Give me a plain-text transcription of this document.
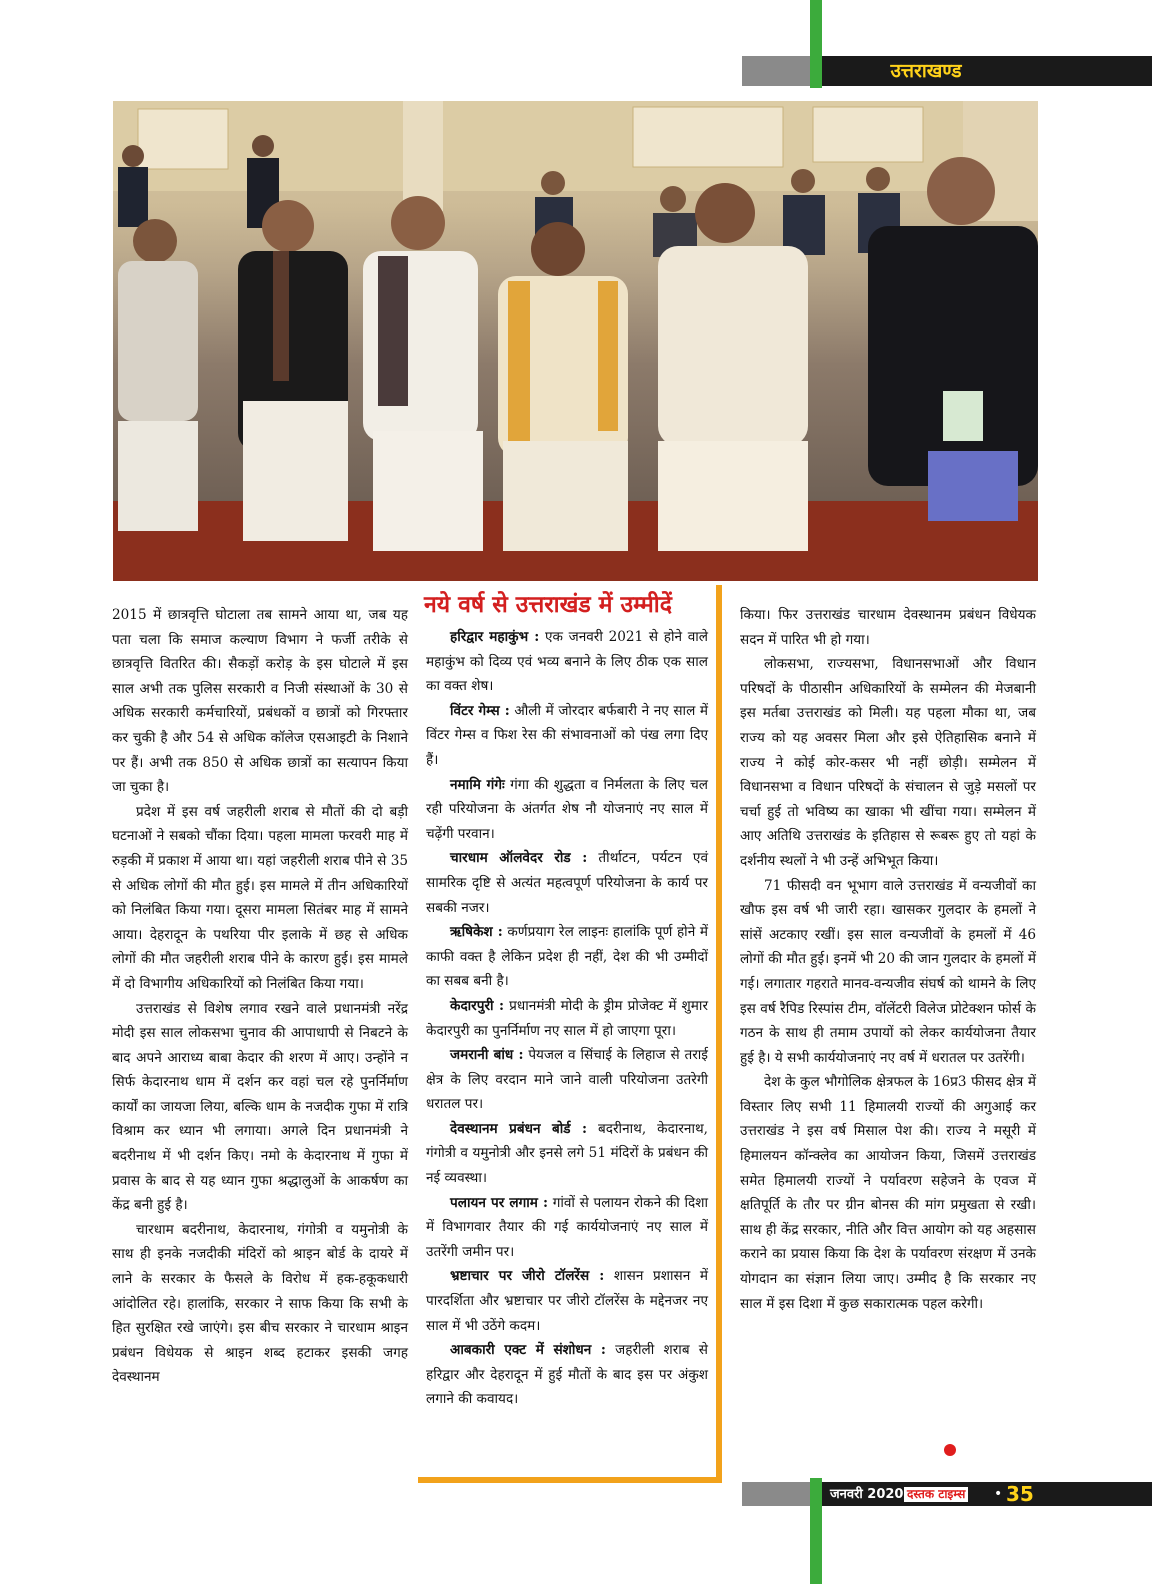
उत्तराखण्ड

2015 में छात्रवृत्ति घोटाला तब सामने आया था, जब यह पता चला कि समाज कल्याण विभाग ने फर्जी तरीके से छात्रवृत्ति वितरित की। सैकड़ों करोड़ के इस घोटाले में इस साल अभी तक पुलिस सरकारी व निजी संस्थाओं के 30 से अधिक सरकारी कर्मचारियों, प्रबंधकों व छात्रों को गिरफ्तार कर चुकी है और 54 से अधिक कॉलेज एसआइटी के निशाने पर हैं। अभी तक 850 से अधिक छात्रों का सत्यापन किया जा चुका है।

प्रदेश में इस वर्ष जहरीली शराब से मौतों की दो बड़ी घटनाओं ने सबको चौंका दिया। पहला मामला फरवरी माह में रुड़की में प्रकाश में आया था। यहां जहरीली शराब पीने से 35 से अधिक लोगों की मौत हुई। इस मामले में तीन अधिकारियों को निलंबित किया गया। दूसरा मामला सितंबर माह में सामने आया। देहरादून के पथरिया पीर इलाके में छह से अधिक लोगों की मौत जहरीली शराब पीने के कारण हुई। इस मामले में दो विभागीय अधिकारियों को निलंबित किया गया।

उत्तराखंड से विशेष लगाव रखने वाले प्रधानमंत्री नरेंद्र मोदी इस साल लोकसभा चुनाव की आपाधापी से निबटने के बाद अपने आराध्य बाबा केदार की शरण में आए। उन्होंने न सिर्फ केदारनाथ धाम में दर्शन कर वहां चल रहे पुनर्निर्माण कार्यों का जायजा लिया, बल्कि धाम के नजदीक गुफा में रात्रि विश्राम कर ध्यान भी लगाया। अगले दिन प्रधानमंत्री ने बदरीनाथ में भी दर्शन किए। नमो के केदारनाथ में गुफा में प्रवास के बाद से यह ध्यान गुफा श्रद्धालुओं के आकर्षण का केंद्र बनी हुई है।

चारधाम बदरीनाथ, केदारनाथ, गंगोत्री व यमुनोत्री के साथ ही इनके नजदीकी मंदिरों को श्राइन बोर्ड के दायरे में लाने के सरकार के फैसले के विरोध में हक-हकूकधारी आंदोलित रहे। हालांकि, सरकार ने साफ किया कि सभी के हित सुरक्षित रखे जाएंगे। इस बीच सरकार ने चारधाम श्राइन प्रबंधन विधेयक से श्राइन शब्द हटाकर इसकी जगह देवस्थानम

नये वर्ष से उत्तराखंड में उम्मीदें

हरिद्वार महाकुंभ : एक जनवरी 2021 से होने वाले महाकुंभ को दिव्य एवं भव्य बनाने के लिए ठीक एक साल का वक्त शेष।

विंटर गेम्स : औली में जोरदार बर्फबारी ने नए साल में विंटर गेम्स व फिश रेस की संभावनाओं को पंख लगा दिए हैं।

नमामि गंगेः गंगा की शुद्धता व निर्मलता के लिए चल रही परियोजना के अंतर्गत शेष नौ योजनाएं नए साल में चढ़ेंगी परवान।

चारधाम ऑलवेदर रोड : तीर्थाटन, पर्यटन एवं सामरिक दृष्टि से अत्यंत महत्वपूर्ण परियोजना के कार्य पर सबकी नजर।

ऋषिकेश : कर्णप्रयाग रेल लाइनः हालांकि पूर्ण होने में काफी वक्त है लेकिन प्रदेश ही नहीं, देश की भी उम्मीदों का सबब बनी है।

केदारपुरी : प्रधानमंत्री मोदी के ड्रीम प्रोजेक्ट में शुमार केदारपुरी का पुनर्निर्माण नए साल में हो जाएगा पूरा।

जमरानी बांध : पेयजल व सिंचाई के लिहाज से तराई क्षेत्र के लिए वरदान माने जाने वाली परियोजना उतरेगी धरातल पर।

देवस्थानम प्रबंधन बोर्ड : बदरीनाथ, केदारनाथ, गंगोत्री व यमुनोत्री और इनसे लगे 51 मंदिरों के प्रबंधन की नई व्यवस्था।

पलायन पर लगाम : गांवों से पलायन रोकने की दिशा में विभागवार तैयार की गई कार्ययोजनाएं नए साल में उतरेंगी जमीन पर।

भ्रष्टाचार पर जीरो टॉलरेंस : शासन प्रशासन में पारदर्शिता और भ्रष्टाचार पर जीरो टॉलरेंस के मद्देनजर नए साल में भी उठेंगे कदम।

आबकारी एक्ट में संशोधन : जहरीली शराब से हरिद्वार और देहरादून में हुई मौतों के बाद इस पर अंकुश लगाने की कवायद।

किया। फिर उत्तराखंड चारधाम देवस्थानम प्रबंधन विधेयक सदन में पारित भी हो गया।

लोकसभा, राज्यसभा, विधानसभाओं और विधान परिषदों के पीठासीन अधिकारियों के सम्मेलन की मेजबानी इस मर्तबा उत्तराखंड को मिली। यह पहला मौका था, जब राज्य को यह अवसर मिला और इसे ऐतिहासिक बनाने में राज्य ने कोई कोर-कसर भी नहीं छोड़ी। सम्मेलन में विधानसभा व विधान परिषदों के संचालन से जुड़े मसलों पर चर्चा हुई तो भविष्य का खाका भी खींचा गया। सम्मेलन में आए अतिथि उत्तराखंड के इतिहास से रूबरू हुए तो यहां के दर्शनीय स्थलों ने भी उन्हें अभिभूत किया।

71 फीसदी वन भूभाग वाले उत्तराखंड में वन्यजीवों का खौफ इस वर्ष भी जारी रहा। खासकर गुलदार के हमलों ने सांसें अटकाए रखीं। इस साल वन्यजीवों के हमलों में 46 लोगों की मौत हुई। इनमें भी 20 की जान गुलदार के हमलों में गई। लगातार गहराते मानव-वन्यजीव संघर्ष को थामने के लिए इस वर्ष रैपिड रिस्पांस टीम, वॉलेंटरी विलेज प्रोटेक्शन फोर्स के गठन के साथ ही तमाम उपायों को लेकर कार्ययोजना तैयार हुई है। ये सभी कार्ययोजनाएं नए वर्ष में धरातल पर उतरेंगी।

देश के कुल भौगोलिक क्षेत्रफल के 16प्र3 फीसद क्षेत्र में विस्तार लिए सभी 11 हिमालयी राज्यों की अगुआई कर उत्तराखंड ने इस वर्ष मिसाल पेश की। राज्य ने मसूरी में हिमालयन कॉन्क्लेव का आयोजन किया, जिसमें उत्तराखंड समेत हिमालयी राज्यों ने पर्यावरण सहेजने के एवज में क्षतिपूर्ति के तौर पर ग्रीन बोनस की मांग प्रमुखता से रखी। साथ ही केंद्र सरकार, नीति और वित्त आयोग को यह अहसास कराने का प्रयास किया कि देश के पर्यावरण संरक्षण में उनके योगदान का संज्ञान लिया जाए। उम्मीद है कि सरकार नए साल में इस दिशा में कुछ सकारात्मक पहल करेगी।

जनवरी 2020 दस्तक टाइम्स • 35
